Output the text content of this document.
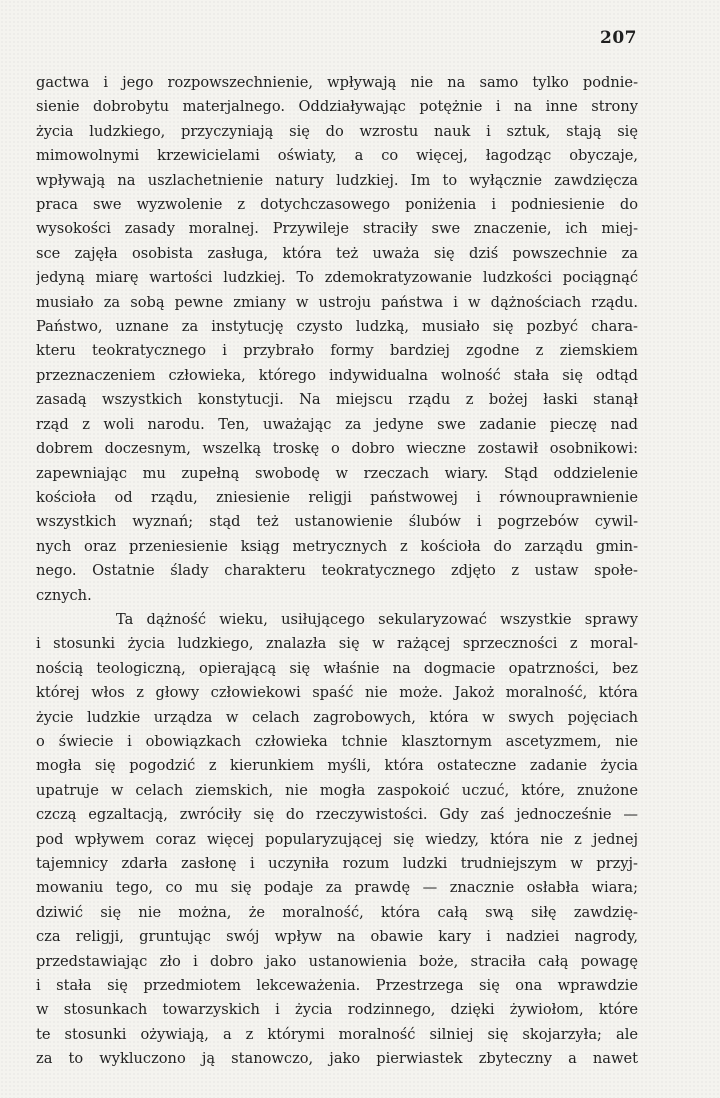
207
gactwa i jego rozpowszechnienie, wpływają nie na samo tylko podnie-
sienie dobrobytu materjalnego. Oddziaływając potężnie i na inne strony
życia ludzkiego, przyczyniają się do wzrostu nauk i sztuk, stają się
mimowolnymi krzewicielami oświaty, a co więcej, łagodząc obyczaje,
wpływają na uszlachetnienie natury ludzkiej. Im to wyłącznie zawdzięcza
praca swe wyzwolenie z dotychczasowego poniżenia i podniesienie do
wysokości zasady moralnej. Przywileje straciły swe znaczenie, ich miej-
sce zajęła osobista zasługa, która też uważa się dziś powszechnie za
jedyną miarę wartości ludzkiej. To zdemokratyzowanie ludzkości pociągnąć
musiało za sobą pewne zmiany w ustroju państwa i w dążnościach rządu.
Państwo, uznane za instytucję czysto ludzką, musiało się pozbyć chara-
kteru teokratycznego i przybrało formy bardziej zgodne z ziemskiem
przeznaczeniem człowieka, którego indywidualna wolność stała się odtąd
zasadą wszystkich konstytucji. Na miejscu rządu z bożej łaski stanął
rząd z woli narodu. Ten, uważając za jedyne swe zadanie pieczę nad
dobrem doczesnym, wszelką troskę o dobro wieczne zostawił osobnikowi:
zapewniając mu zupełną swobodę w rzeczach wiary. Stąd oddzielenie
kościoła od rządu, zniesienie religji państwowej i równouprawnienie
wszystkich wyznań; stąd też ustanowienie ślubów i pogrzebów cywil-
nych oraz przeniesienie ksiąg metrycznych z kościoła do zarządu gmin-
nego. Ostatnie ślady charakteru teokratycznego zdjęto z ustaw społe-
cznych.
Ta dążność wieku, usiłującego sekularyzować wszystkie sprawy
i stosunki życia ludzkiego, znalazła się w rażącej sprzeczności z moral-
nością teologiczną, opierającą się właśnie na dogmacie opatrzności, bez
której włos z głowy człowiekowi spaść nie może. Jakoż moralność, która
życie ludzkie urządza w celach zagrobowych, która w swych pojęciach
o świecie i obowiązkach człowieka tchnie klasztornym ascetyzmem, nie
mogła się pogodzić z kierunkiem myśli, która ostateczne zadanie życia
upatruje w celach ziemskich, nie mogła zaspokoić uczuć, które, znużone
czczą egzaltacją, zwróciły się do rzeczywistości. Gdy zaś jednocześnie —
pod wpływem coraz więcej popularyzującej się wiedzy, która nie z jednej
tajemnicy zdarła zasłonę i uczyniła rozum ludzki trudniejszym w przyj-
mowaniu tego, co mu się podaje za prawdę — znacznie osłabła wiara;
dziwić się nie można, że moralność, która całą swą siłę zawdzię-
cza religji, gruntując swój wpływ na obawie kary i nadziei nagrody,
przedstawiając zło i dobro jako ustanowienia boże, straciła całą powagę
i stała się przedmiotem lekceważenia. Przestrzega się ona wprawdzie
w stosunkach towarzyskich i życia rodzinnego, dzięki żywiołom, które
te stosunki ożywiają, a z którymi moralność silniej się skojarzyła; ale
za to wykluczono ją stanowczo, jako pierwiastek zbyteczny a nawet
